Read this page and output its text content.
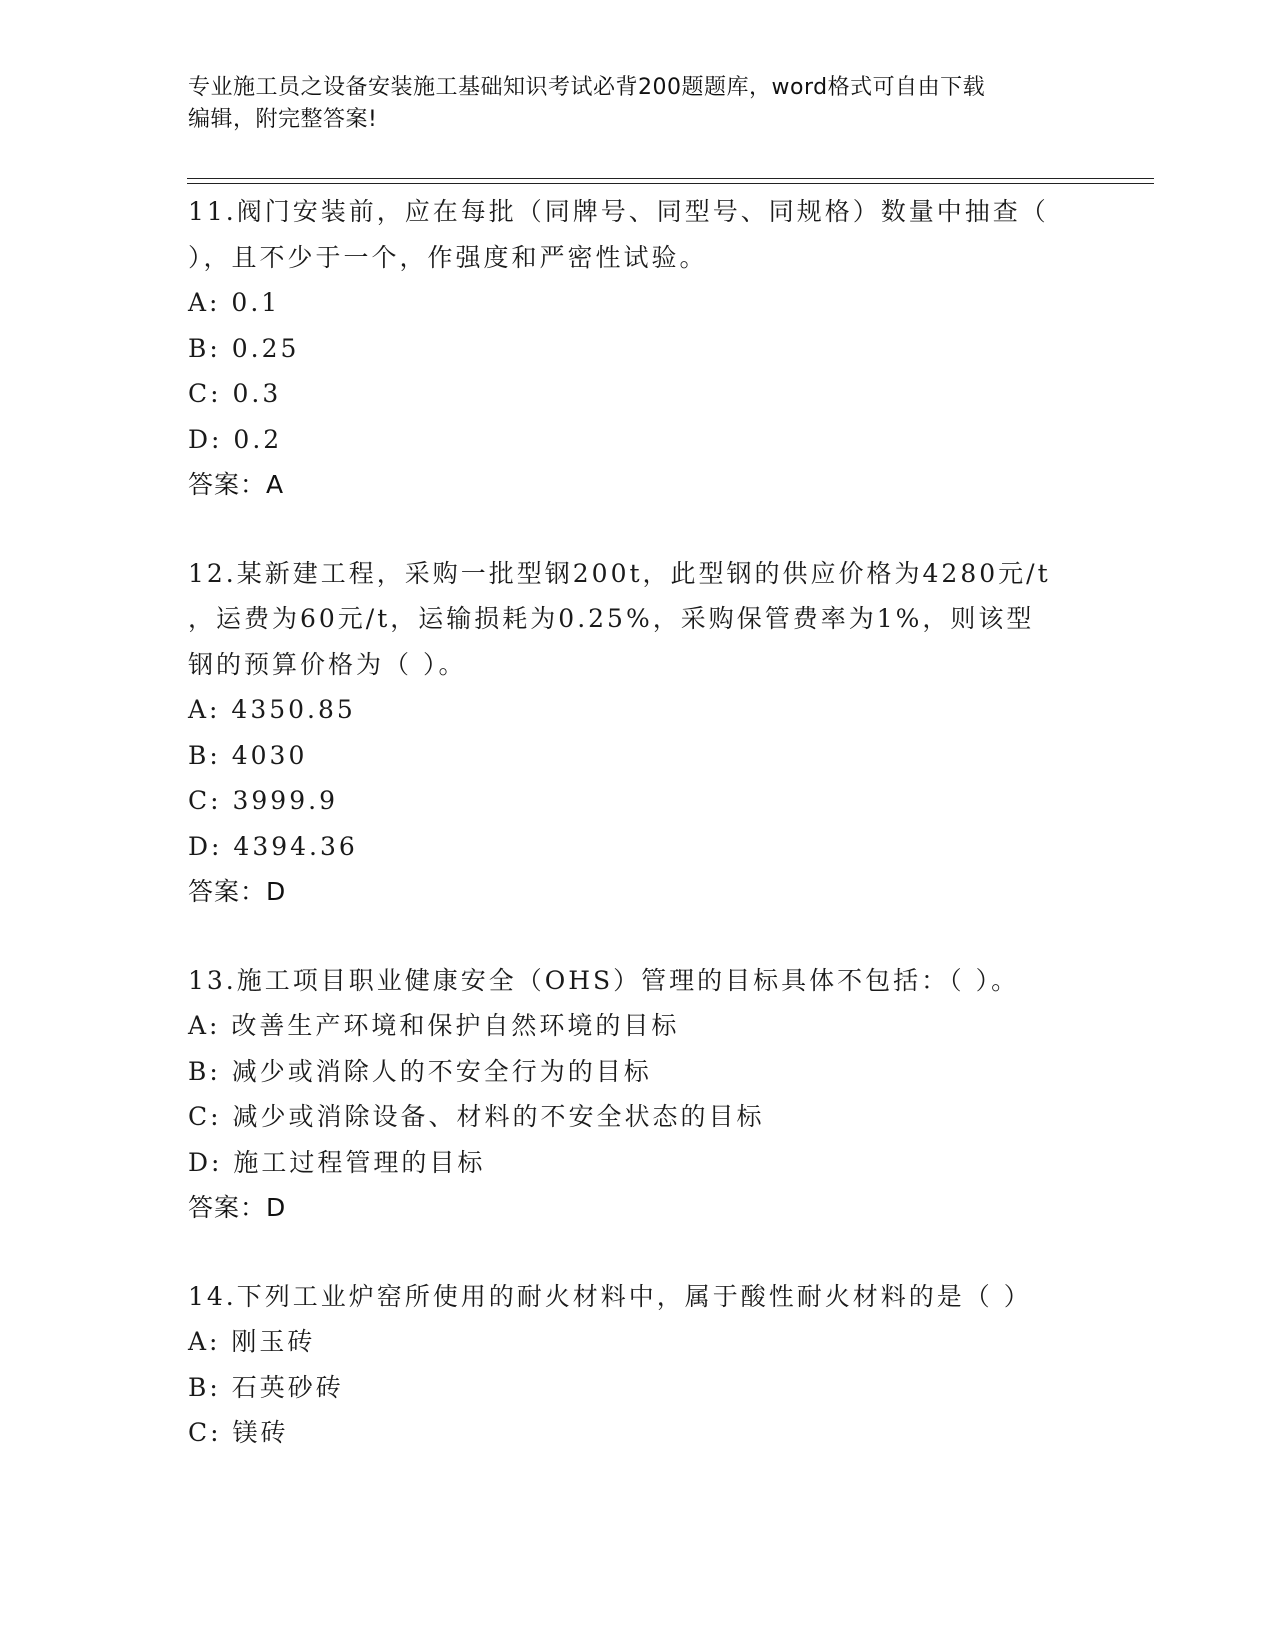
专业施工员之设备安装施工基础知识考试必背200题题库，word格式可自由下载
编辑，附完整答案!
11.阀门安装前，应在每批（同牌号、同型号、同规格）数量中抽查（
），且不少于一个，作强度和严密性试验。
A: 0.1
B: 0.25
C: 0.3
D: 0.2
答案：A
12.某新建工程，采购一批型钢200t，此型钢的供应价格为4280元/t
，运费为60元/t，运输损耗为0.25%，采购保管费率为1%，则该型
钢的预算价格为（ ）。
A: 4350.85
B: 4030
C: 3999.9
D: 4394.36
答案：D
13.施工项目职业健康安全（OHS）管理的目标具体不包括：（ ）。
A: 改善生产环境和保护自然环境的目标
B: 减少或消除人的不安全行为的目标
C: 减少或消除设备、材料的不安全状态的目标
D: 施工过程管理的目标
答案：D
14.下列工业炉窑所使用的耐火材料中，属于酸性耐火材料的是（ ）
A: 刚玉砖
B: 石英砂砖
C: 镁砖
